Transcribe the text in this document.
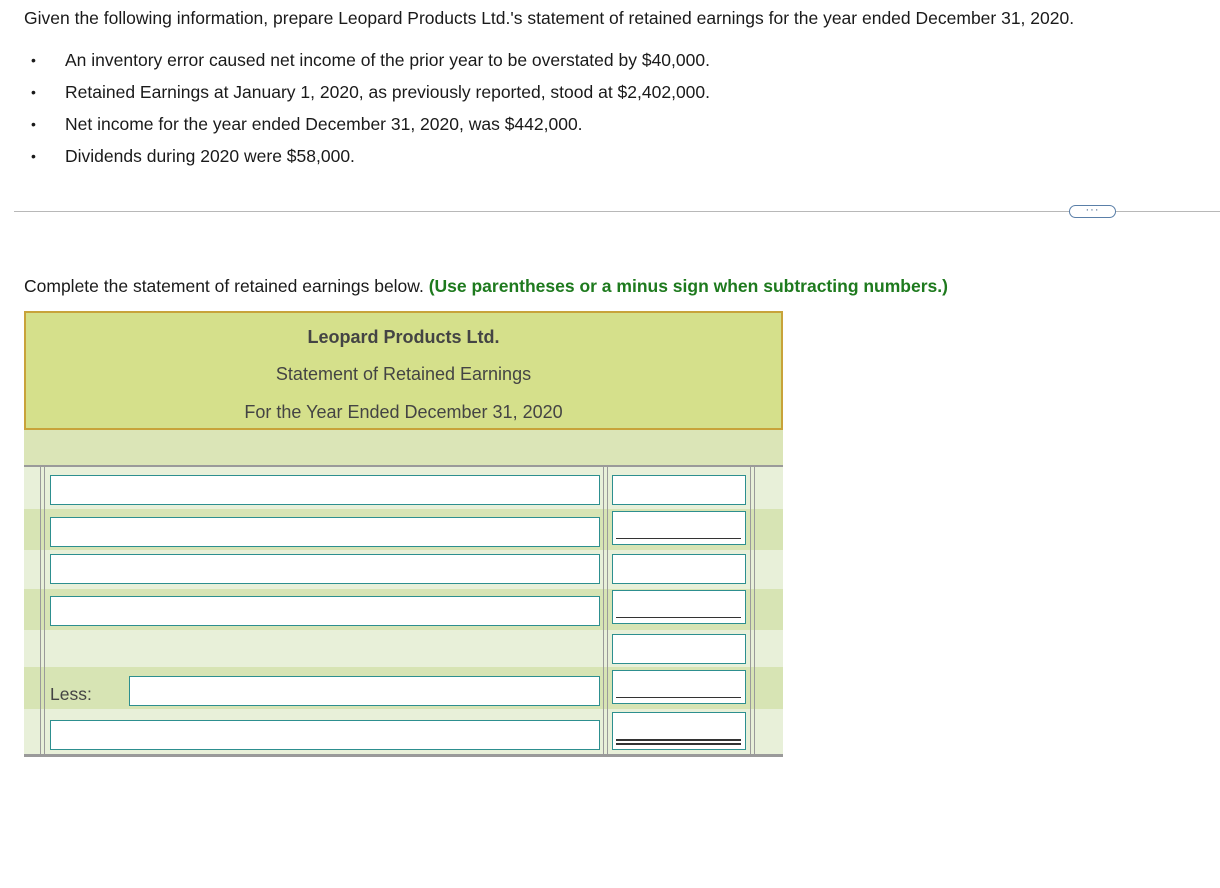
Given the following information, prepare Leopard Products Ltd.'s statement of retained earnings for the year ended December 31, 2020.
• An inventory error caused net income of the prior year to be overstated by $40,000.
• Retained Earnings at January 1, 2020, as previously reported, stood at $2,402,000.
• Net income for the year ended December 31, 2020, was $442,000.
• Dividends during 2020 were $58,000.
···
Complete the statement of retained earnings below. (Use parentheses or a minus sign when subtracting numbers.)
Leopard Products Ltd.
Statement of Retained Earnings
For the Year Ended December 31, 2020
Less:
